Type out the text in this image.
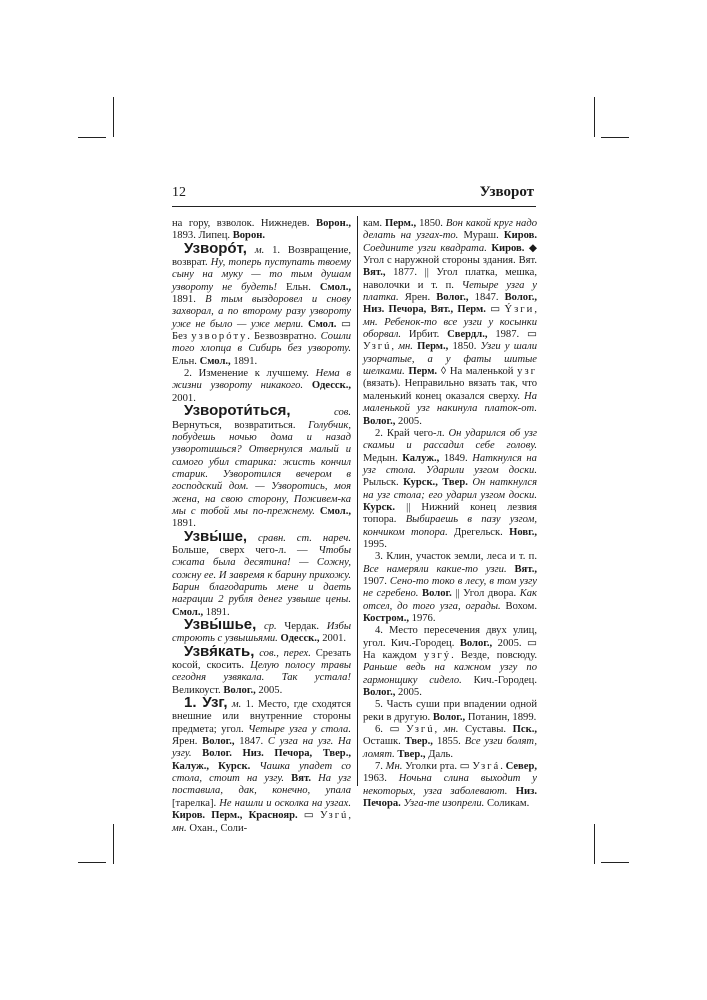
12	Узворот

на гору, взволок. Нижнедев. Ворон., 1893. Липец. Ворон.

Узворóт, м. 1. Возвращение, возврат. Ну, топерь пуступать твоему сыну на муку — то тым душам узвороту не будеть! Ельн. Смол., 1891. В тым выздоровел и снову захворал, а по второму разу узвороту уже не было — уже мерли. Смол. ▭ Без узворóту. Безвозвратно. Сошли того хлопца в Сибирь без узвороту. Ельн. Смол., 1891.

2. Изменение к лучшему. Нема в жизни узвороту никакого. Одесск., 2001.

Узвороти́ться,	сов. Вернуться, возвратиться. Голубчик, побудешь ночью дома и назад узворотишься? Отвернулся малый и самого убил старика: жисть кончил старик. Узворотился вечером в господский дом. — Узворотись, моя жена, на свою сторону, Поживем-ка мы с тобой мы по-прежнему. Смол., 1891.

Узвы́ше, сравн. ст. нареч. Больше, сверх чего-л. — Чтобы сжата была десятина! — Сожну, сожну ее. И завремя к барину прихожу. Барин благодарить мене и даеть награции 2 рубля денег узвыше цены. Смол., 1891.

Узвы́шье, ср. Чердак. Избы строють с узвышьями. Одесск., 2001.

Узвя́кать, сов., перех. Срезать косой, скосить. Целую полосу травы сегодня узвякала. Так устала! Великоуст. Волог., 2005.

1. Узг, м. 1. Место, где сходятся внешние или внутренние стороны предмета; угол. Четыре узга у стола. Ярен. Волог., 1847. С узга на узг. На узгу. Волог. Низ. Печора, Твер., Калуж., Курск. Чашка упадет со стола, стоит на узгу. Вят. На узг поставила, дак, конечно, упала [тарелка]. Не нашли и осколка на узгах. Киров. Перм., Краснояр. ▭ Узгú, мн. Охан., Соли-

кам. Перм., 1850. Вон какой круг надо делать на узгах-то. Мураш. Киров. Соедините узги квадрата. Киров. ◆ Угол с наружной стороны здания. Вят. Вят., 1877. || Угол платка, мешка, наволочки и т. п. Четыре узга у платка. Ярен. Волог., 1847. Волог., Низ. Печора, Вят., Перм. ▭ Ýзги, мн. Ребенок-то все узги у косынки оборвал. Ирбит. Свердл., 1987. ▭ Узгú, мн. Перм., 1850. Узги у шали узорчатые, а у фаты шитые шелками. Перм. ◊ На маленькой узг (вязать). Неправильно вязать так, что маленький конец оказался сверху. На маленькой узг накинула платок-от. Волог., 2005.

2. Край чего-л. Он ударился об узг скамьи и рассадил себе голову. Медын. Калуж., 1849. Наткнулся на узг стола. Ударили узгом доски. Рыльск. Курск., Твер. Он наткнулся на узг стола; его ударил узгом доски. Курск. || Нижний конец лезвия топора. Выбираешь в пазу узгом, кончиком топора. Дрегельск. Новг., 1995.

3. Клин, участок земли, леса и т. п. Все намеряли какие-то узги. Вят., 1907. Сено-то токо в лесу, в том узгу не сгребено. Волог. || Угол двора. Как отсел, до того узга, ограды. Вохом. Костром., 1976.

4. Место пересечения двух улиц, угол. Кич.-Городец. Волог., 2005. ▭ На каждом узгý. Везде, повсюду. Раньше ведь на кажном узгу по гармонщику сидело. Кич.-Городец. Волог., 2005.

5. Часть суши при впадении одной реки в другую. Волог., Потанин, 1899.

6. ▭ Узгú, мн. Суставы. Пск., Осташк. Твер., 1855. Все узги болят, ломят. Твер., Даль.

7. Мн. Уголки рта. ▭ Узгá. Север, 1963. Ночьна слина выходит у некоторых, узга заболевают. Низ. Печора. Узга-те изопрели. Соликам.
